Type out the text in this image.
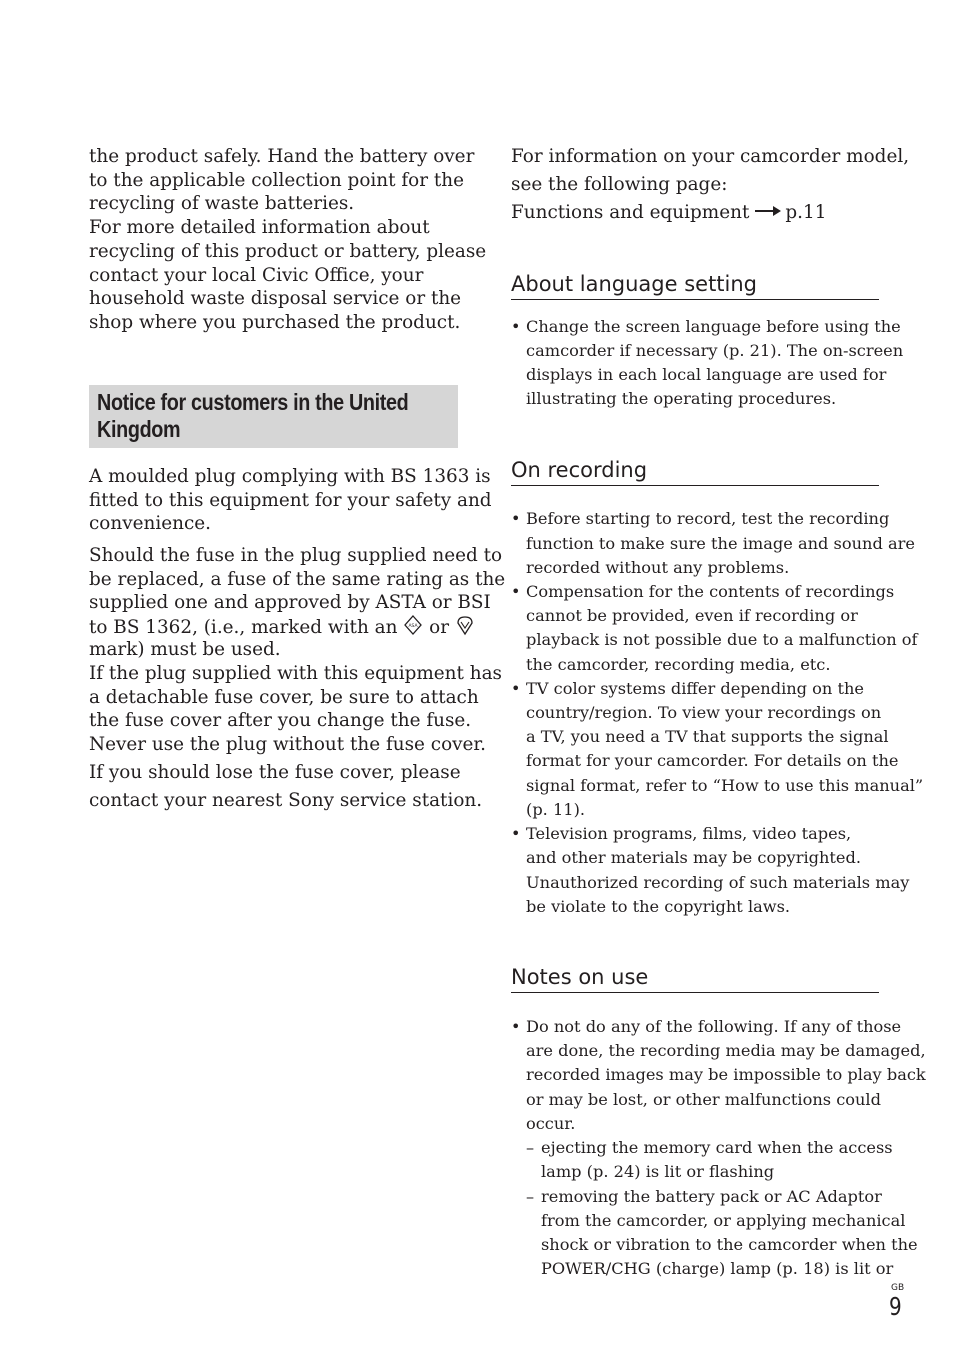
the product safely. Hand the battery over
to the applicable collection point for the
recycling of waste batteries.
For more detailed information about
recycling of this product or battery, please
contact your local Civic Office, your
household waste disposal service or the
shop where you purchased the product.
Notice for customers in the United
Kingdom
A moulded plug complying with BS 1363 is
fitted to this equipment for your safety and
convenience.
Should the fuse in the plug supplied need to
be replaced, a fuse of the same rating as the
supplied one and approved by ASTA or BSI
to BS 1362, (i.e., marked with an	ASA or
mark) must be used.
If the plug supplied with this equipment has
a detachable fuse cover, be sure to attach
the fuse cover after you change the fuse.
Never use the plug without the fuse cover.
If you should lose the fuse cover, please
contact your nearest Sony service station.
For information on your camcorder model,
see the following page:
Functions and equipment p.11
About language setting
• Change the screen language before using the
camcorder if necessary (p. 21). The on-screen
displays in each local language are used for
illustrating the operating procedures.
On recording
• Before starting to record, test the recording
function to make sure the image and sound are
recorded without any problems.
• Compensation for the contents of recordings
cannot be provided, even if recording or
playback is not possible due to a malfunction of
the camcorder, recording media, etc.
• TV color systems differ depending on the
country/region. To view your recordings on
a TV, you need a TV that supports the signal
format for your camcorder. For details on the
signal format, refer to “How to use this manual”
(p. 11).
• Television programs, films, video tapes,
and other materials may be copyrighted.
Unauthorized recording of such materials may
be violate to the copyright laws.
Notes on use
• Do not do any of the following. If any of those
are done, the recording media may be damaged,
recorded images may be impossible to play back
or may be lost, or other malfunctions could
occur.
– ejecting the memory card when the access
lamp (p. 24) is lit or flashing
– removing the battery pack or AC Adaptor
from the camcorder, or applying mechanical
shock or vibration to the camcorder when the
POWER/CHG (charge) lamp (p. 18) is lit or
GB
9
